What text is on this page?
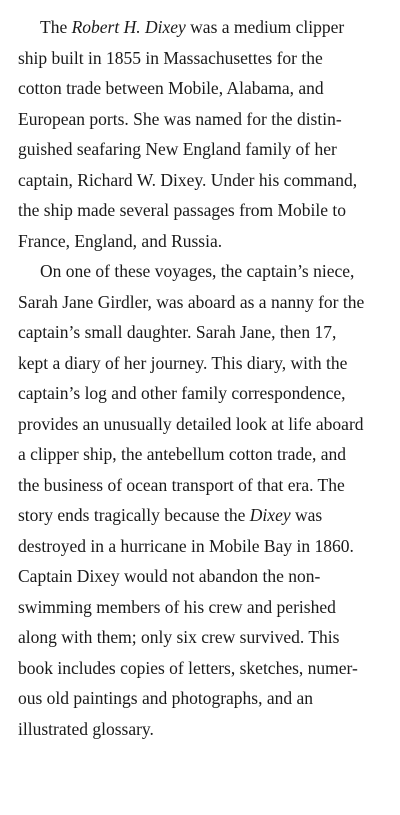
The Robert H. Dixey was a medium clipper
ship built in 1855 in Massachusettes for the
cotton trade between Mobile, Alabama, and
European ports. She was named for the distin-
guished seafaring New England family of her
captain, Richard W. Dixey. Under his command,
the ship made several passages from Mobile to
France, England, and Russia.
On one of these voyages, the captain’s niece,
Sarah Jane Girdler, was aboard as a nanny for the
captain’s small daughter. Sarah Jane, then 17,
kept a diary of her journey. This diary, with the
captain’s log and other family correspondence,
provides an unusually detailed look at life aboard
a clipper ship, the antebellum cotton trade, and
the business of ocean transport of that era. The
story ends tragically because the Dixey was
destroyed in a hurricane in Mobile Bay in 1860.
Captain Dixey would not abandon the non-
swimming members of his crew and perished
along with them; only six crew survived. This
book includes copies of letters, sketches, numer-
ous old paintings and photographs, and an
illustrated glossary.
